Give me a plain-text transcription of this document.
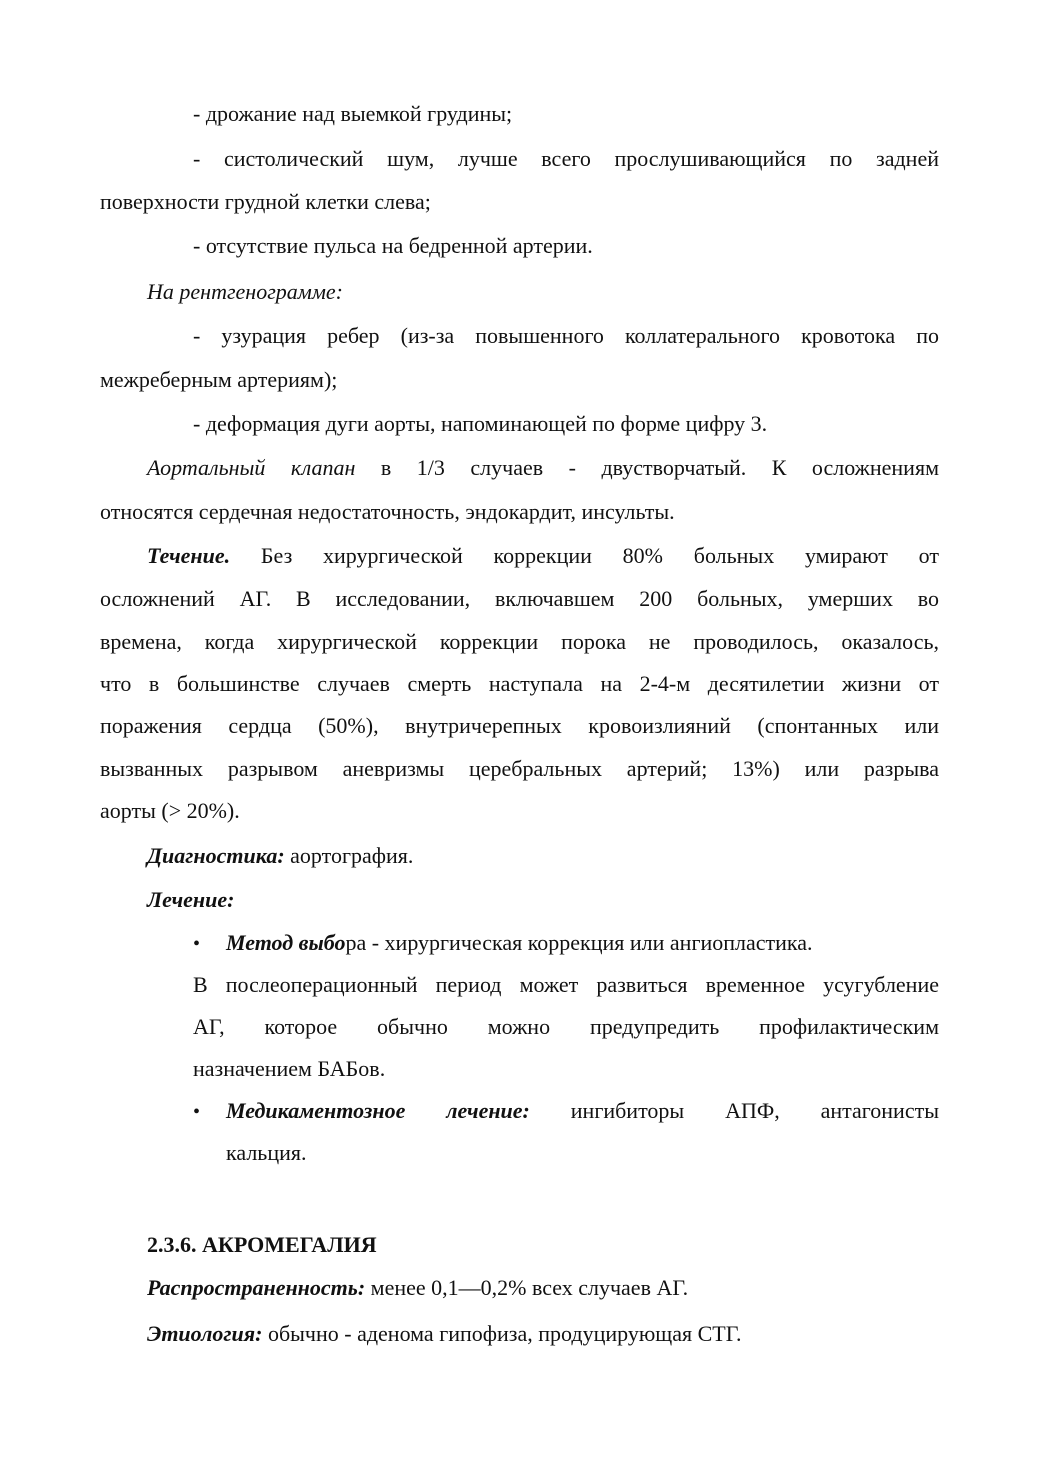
- дрожание над выемкой грудины;
- систолический шум, лучше всего прослушивающийся по задней
поверхности грудной клетки слева;
- отсутствие пульса на бедренной артерии.
На рентгенограмме:
- узурация ребер (из-за повышенного коллатерального кровотока по
межреберным артериям);
- деформация дуги аорты, напоминающей по форме цифру 3.
Аортальный клапан в 1/3 случаев - двустворчатый. К осложнениям
относятся сердечная недостаточность, эндокардит, инсульты.
Течение. Без хирургической коррекции 80% больных умирают от
осложнений АГ. В исследовании, включавшем 200 больных, умерших во
времена, когда хирургической коррекции порока не проводилось, оказалось,
что в большинстве случаев смерть наступала на 2-4-м десятилетии жизни от
поражения сердца (50%), внутричерепных кровоизлияний (спонтанных или
вызванных разрывом аневризмы церебральных артерий; 13%) или разрыва
аорты (> 20%).
Диагностика: аортография.
Лечение:
• Метод выбора - хирургическая коррекция или ангиопластика.
В послеоперационный период может развиться временное усугубление
АГ, которое обычно можно предупредить профилактическим
назначением БАБов.
• Медикаментозное лечение: ингибиторы АПФ, антагонисты
кальция.
2.3.6. АКРОМЕГАЛИЯ
Распространенность: менее 0,1—0,2% всех случаев АГ.
Этиология: обычно - аденома гипофиза, продуцирующая СТГ.
